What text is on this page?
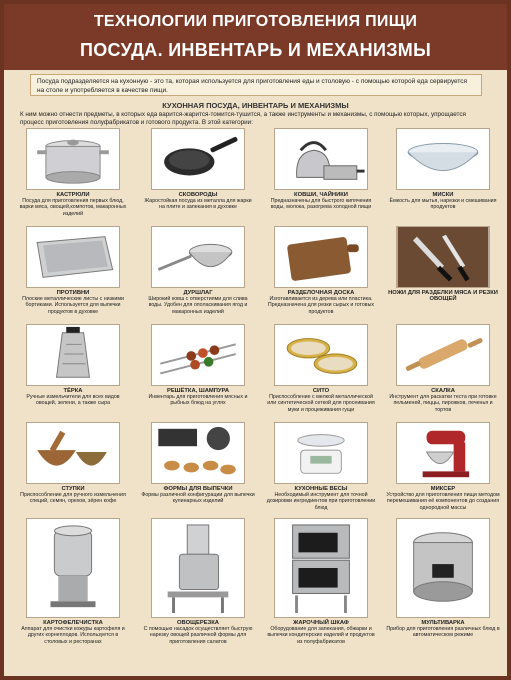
ТЕХНОЛОГИИ ПРИГОТОВЛЕНИЯ ПИЩИ
ПОСУДА. ИНВЕНТАРЬ И МЕХАНИЗМЫ
Посуда подразделяется на кухонную - это та, которая используется для приготовления еды и столовую - с помощью которой еда сервируется на столе и употребляется в качестве пищи.
КУХОННАЯ ПОСУДА, ИНВЕНТАРЬ И МЕХАНИЗМЫ
К ним можно отнести предметы, в которых еда варится-жарится-томится-тушится, а также инструменты и механизмы, с помощью которых, упрощается процесс приготовления полуфабрикатов и готового продукта. В этой категории:
КАСТРЮЛИ
Посуда для приготовления первых блюд, варки мяса, овощей,компотов, макаронных изделий
СКОВОРОДЫ
Жаростойкая посуда из металла для жарки на плите и запекания в духовке
КОВШИ, ЧАЙНИКИ
Предназначены для быстрого кипячения воды, молока, разогрева холодной пищи
МИСКИ
Ёмкость для мытья, нарезки и смешивания продуктов
ПРОТИВНИ
Плоские металлические листы с низкими бортиками. Используется для выпечки продуктов в духовке
ДУРШЛАГ
Широкий ковш с отверстиями для слива воды. Удобен для ополаскивания ягод и макаронных изделий
РАЗДЕЛОЧНАЯ ДОСКА
Изготавливается из дерева или пластика. Предназначена для резки сырых и готовых продуктов
НОЖИ ДЛЯ РАЗДЕЛКИ МЯСА И РЕЗКИ ОВОЩЕЙ
ТЁРКА
Ручные измельчители для всех видов овощей, зелени, а также сыра
РЕШЁТКА, ШАМПУРА
Инвентарь для приготовления мясных и рыбных блюд на углях
СИТО
Приспособление с мелкой металлической или синтетической сеткой для просеивания муки и процеживания гущи
СКАЛКА
Инструмент для раскатки теста при готовке пельменей, пиццы, пирожков, печенья и тортов
СТУПКИ
Приспособление для ручного измельчения специй, семян, орехов, зёрен кофе
ФОРМЫ ДЛЯ ВЫПЕЧКИ
Формы различной конфигурации для выпечки кулинарных изделий
КУХОННЫЕ ВЕСЫ
Необходимый инструмент для точной дозировки ингредиентов при приготовлении блюд
МИКСЕР
Устройство для приготовления пищи методом перемешивания её компонентов до создания однородной массы
КАРТОФЕЛЕЧИСТКА
Аппарат для очистки кожуры картофеля и других корнеплодов. Используется в столовых и ресторанах
ОВОЩЕРЕЗКА
С помощью насадок осуществляет быструю нарезку овощей различной формы для приготовления салатов
ЖАРОЧНЫЙ ШКАФ
Оборудование для запекания, обжарки и выпечки кондитерских изделий и продуктов из полуфабрикатов
МУЛЬТИВАРКА
Прибор для приготовления различных блюд в автоматическом режиме
